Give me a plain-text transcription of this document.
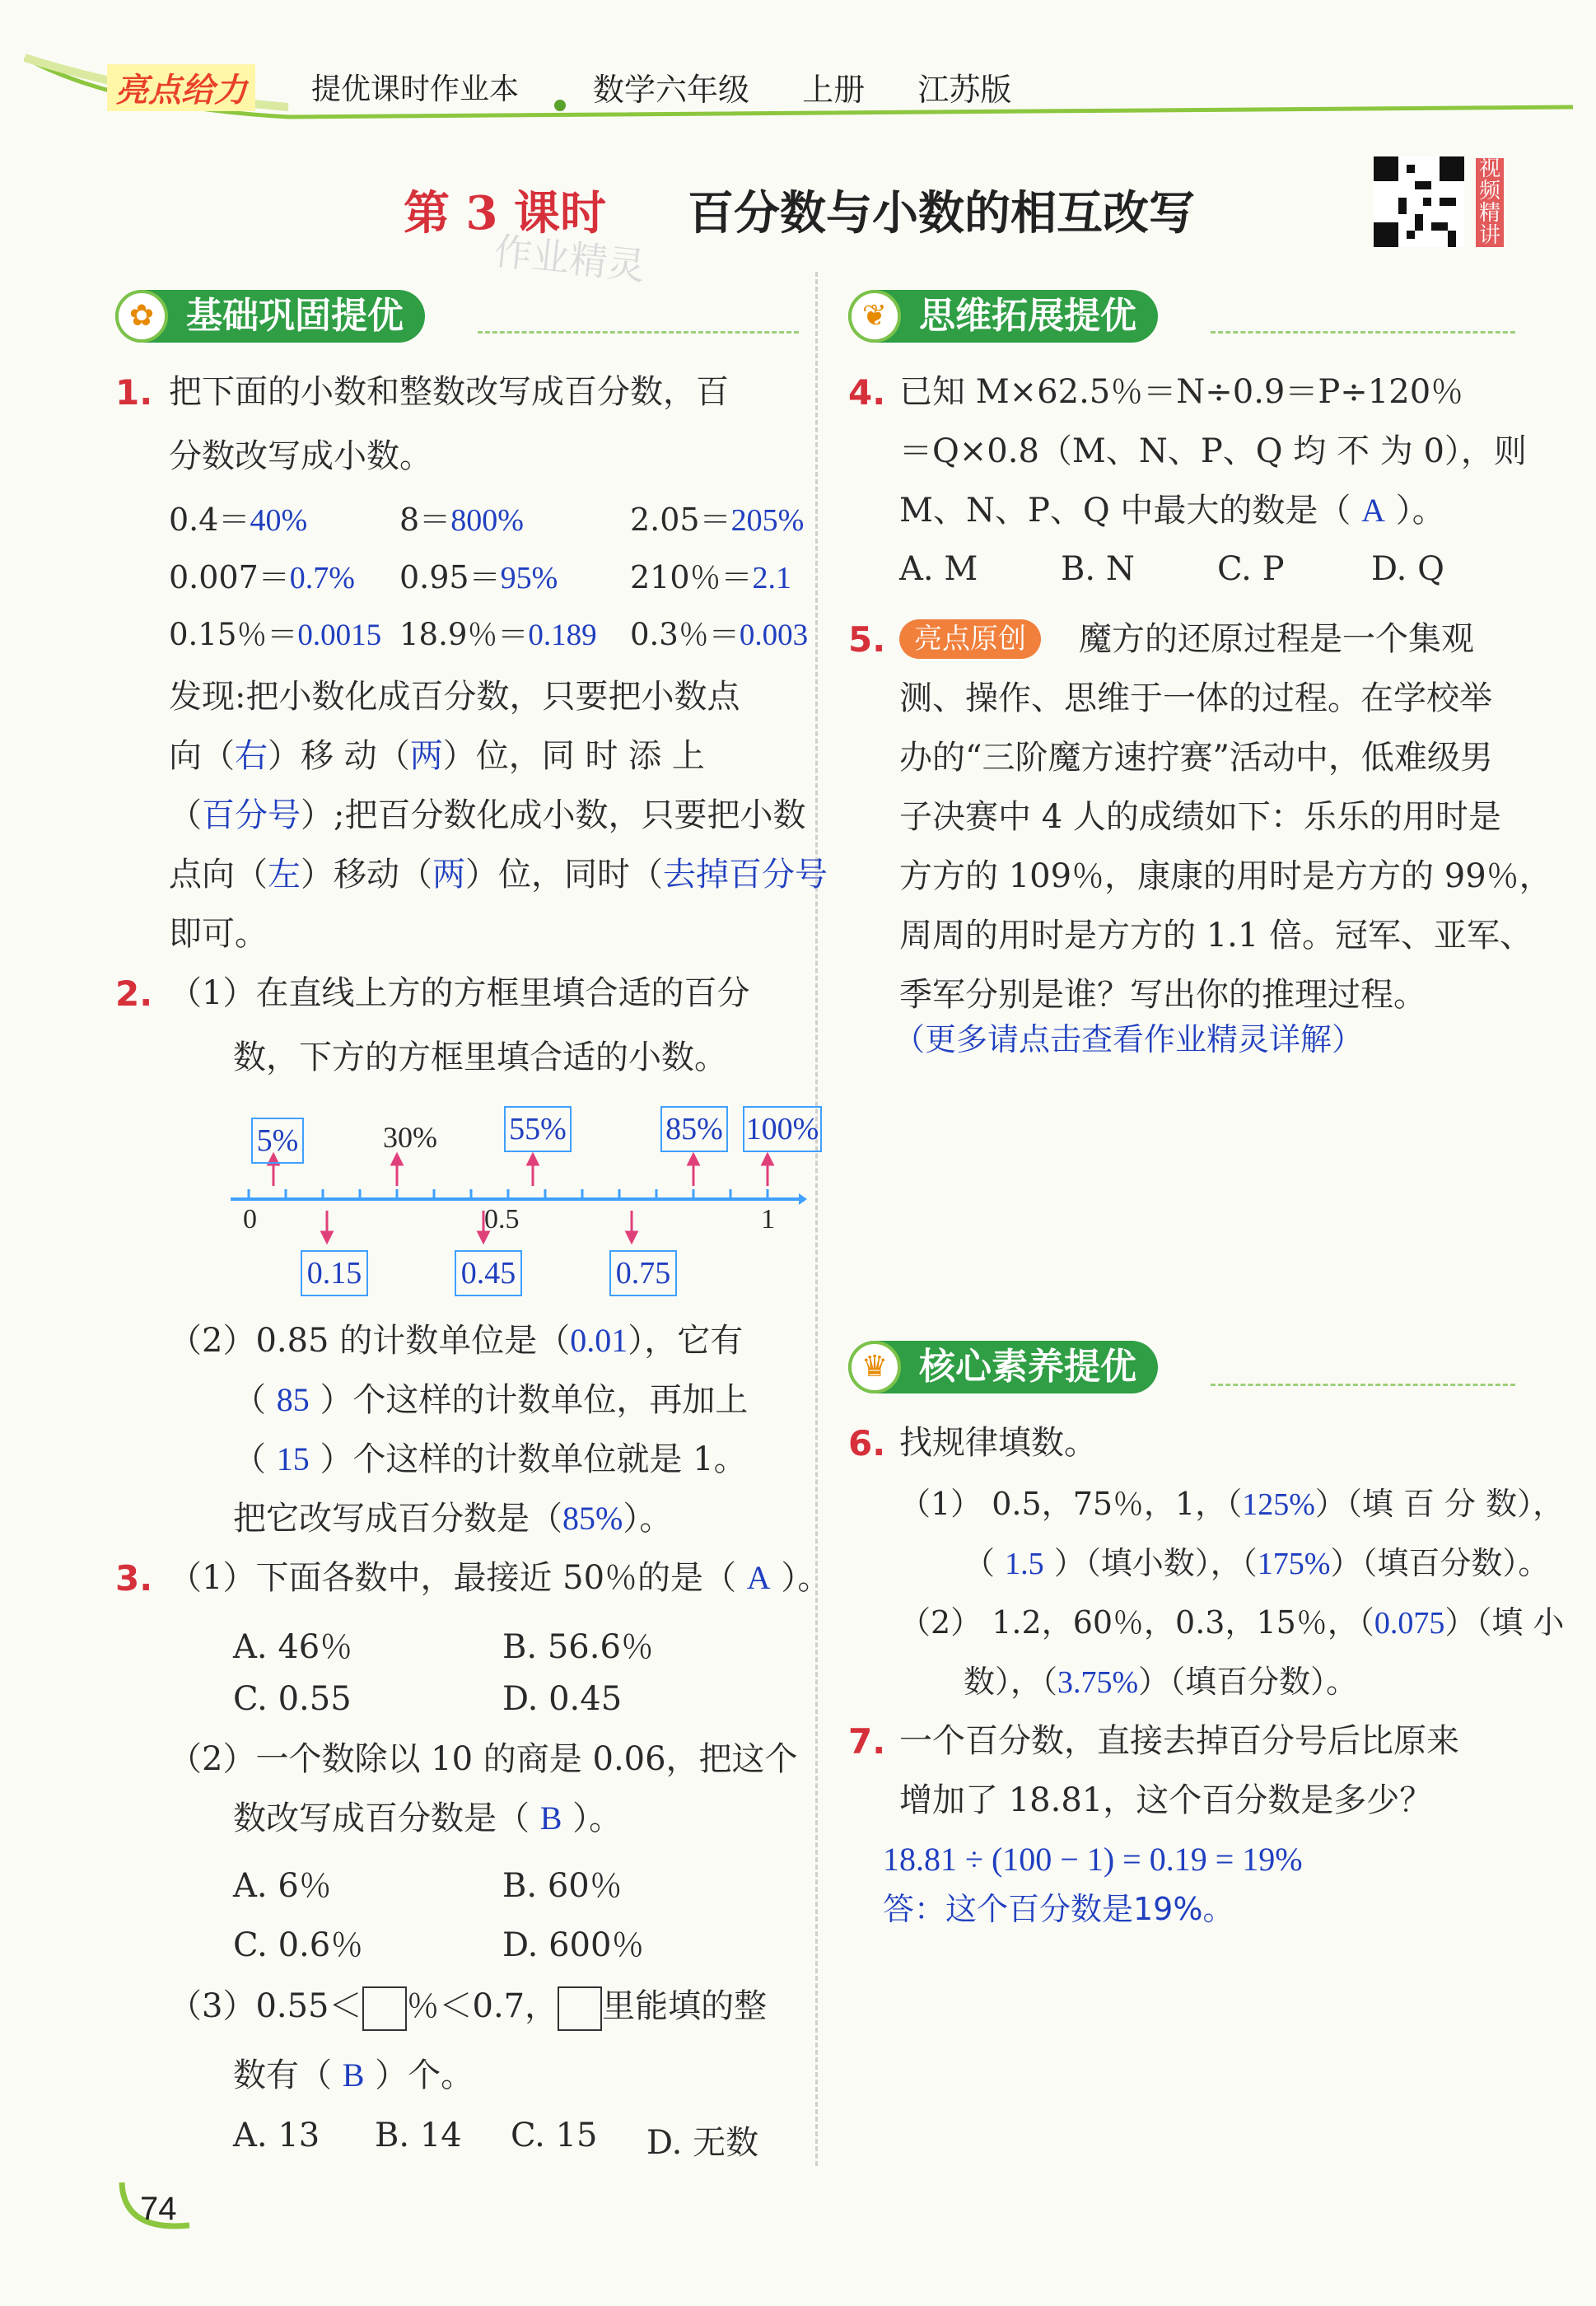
亮点给力 提优课时作业本 数学六年级 上册 江苏版
第 3 课时 百分数与小数的相互改写
作业精灵
视频精讲
✿ 基础巩固提优
1. 把下面的小数和整数改写成百分数，百
分数改写成小数。
0.4＝40%	8＝800%	2.05＝205%
0.007＝0.7% 0.95＝95% 210％＝2.1
0.15％＝0.0015 18.9％＝0.189 0.3％＝0.003
发现:把小数化成百分数，只要把小数点
向（右）移 动（两）位，同 时 添 上
（百分号）;把百分数化成小数，只要把小数
点向（左）移动（两）位，同时（去掉百分号
即可。
2. （1）在直线上方的方框里填合适的百分
数，下方的方框里填合适的小数。
5%	30% 55%	85% 100%
0	0.5	1
0.15	0.45	0.75
（2）0.85 的计数单位是（0.01），它有
（ 85 ）个这样的计数单位，再加上
（ 15 ）个这样的计数单位就是 1。
把它改写成百分数是（85%）。
3. （1）下面各数中，最接近 50％的是（ A ）。
A. 46％	B. 56.6％
C. 0.55	D. 0.45
（2）一个数除以 10 的商是 0.06，把这个
数改写成百分数是（ B ）。
A. 6％	B. 60％
C. 0.6％	D. 600％
（3）0.55＜ ％＜0.7， 里能填的整
数有（ B ）个。
A. 13 B. 14 C. 15 D. 无数
❦ 思维拓展提优
4. 已知 M×62.5％＝N÷0.9＝P÷120％
＝Q×0.8（M、N、P、Q 均 不 为 0），则
M、N、P、Q 中最大的数是（ A ）。
A. M	B. N	C. P	D. Q
5.	亮点原创	魔方的还原过程是一个集观
测、操作、思维于一体的过程。在学校举
办的“三阶魔方速拧赛”活动中，低难级男
子决赛中 4 人的成绩如下：乐乐的用时是
方方的 109％，康康的用时是方方的 99％，
周周的用时是方方的 1.1 倍。冠军、亚军、
季军分别是谁？写出你的推理过程。
（更多请点击查看作业精灵详解）
♛ 核心素养提优
6. 找规律填数。
（1） 0.5，75％，1，（125%）（填 百 分 数），
（ 1.5 ）（填小数），（175%）（填百分数）。
（2） 1.2，60％，0.3，15％，（0.075）（填 小
数），（3.75%）（填百分数）。
7. 一个百分数，直接去掉百分号后比原来
增加了 18.81，这个百分数是多少？
18.81 ÷ (100 − 1) = 0.19 = 19%
答：这个百分数是19%。
74
